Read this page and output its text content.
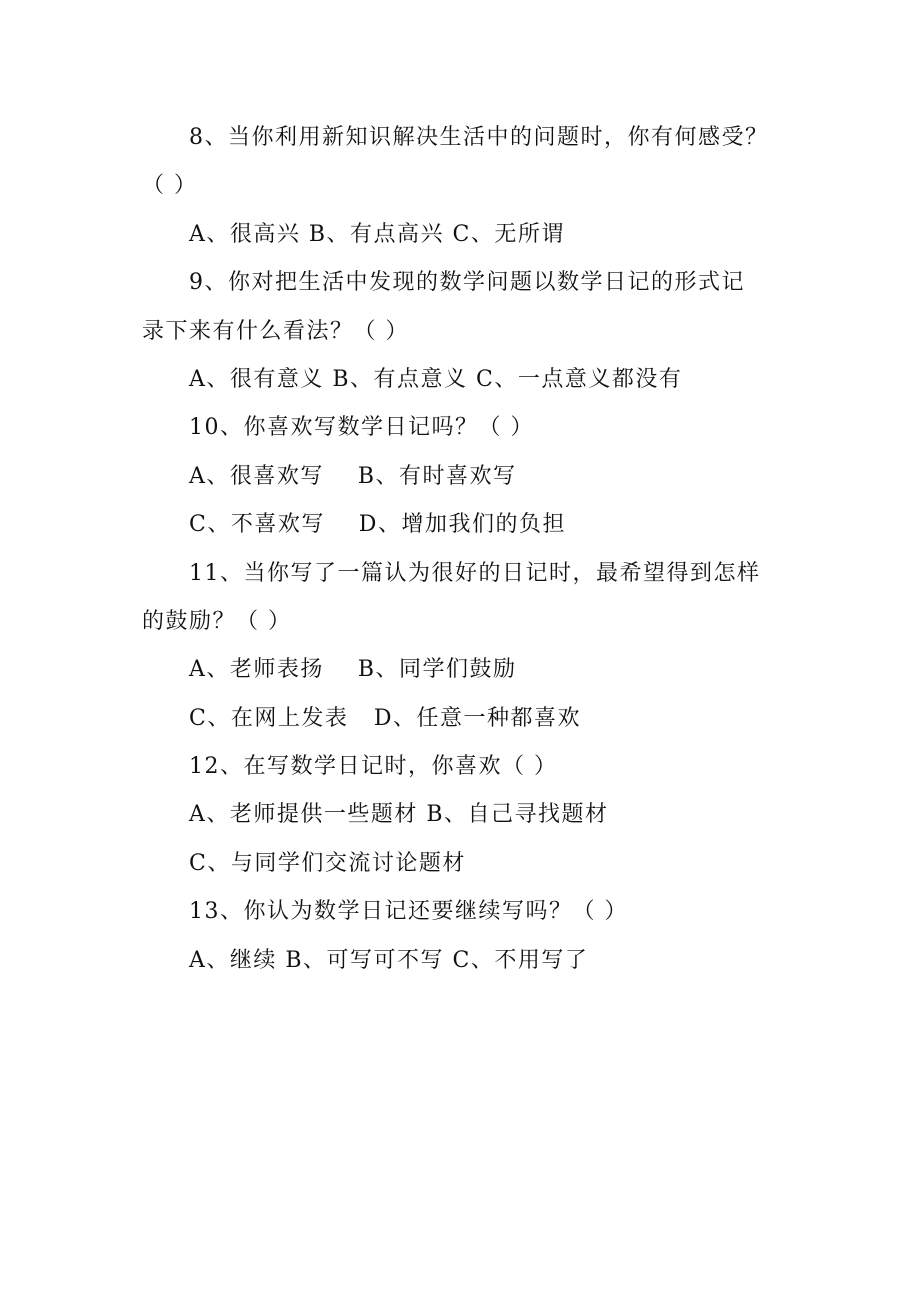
8、当你利用新知识解决生活中的问题时，你有何感受？
（ ）
A、很高兴 B、有点高兴 C、无所谓
9、你对把生活中发现的数学问题以数学日记的形式记
录下来有什么看法？（ ）
A、很有意义 B、有点意义 C、一点意义都没有
10、你喜欢写数学日记吗？（ ）
A、很喜欢写    B、有时喜欢写
C、不喜欢写    D、增加我们的负担
11、当你写了一篇认为很好的日记时，最希望得到怎样
的鼓励？（ ）
A、老师表扬    B、同学们鼓励
C、在网上发表   D、任意一种都喜欢
12、在写数学日记时，你喜欢（ ）
A、老师提供一些题材 B、自己寻找题材
C、与同学们交流讨论题材
13、你认为数学日记还要继续写吗？（ ）
A、继续 B、可写可不写 C、不用写了
